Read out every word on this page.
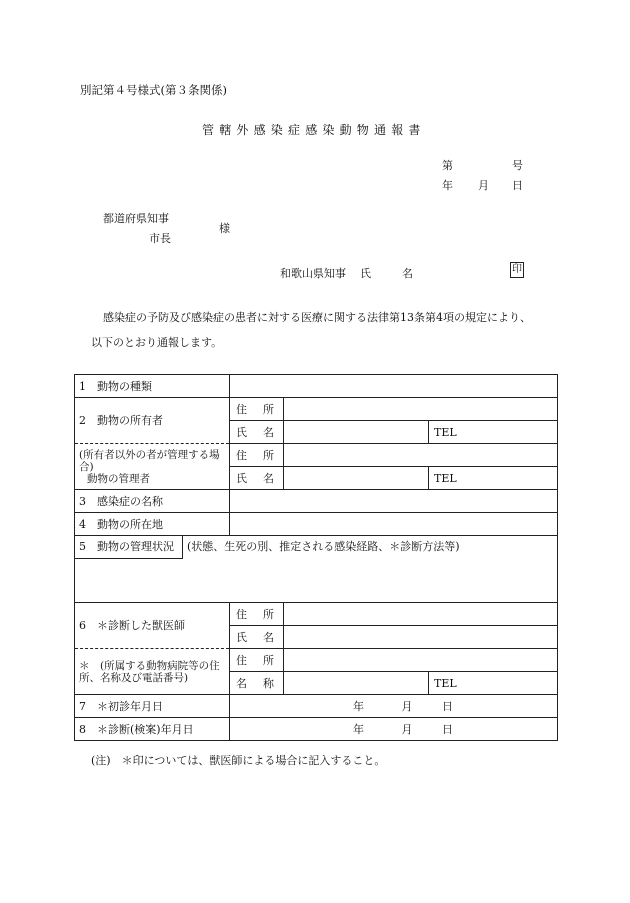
別記第４号様式(第３条関係)
管轄外感染症感染動物通報書
第	号
年 月 日
都道府県知事
市長
様
和歌山県知事 氏　名	印
感染症の予防及び感染症の患者に対する医療に関する法律第13条第4項の規定により、
以下のとおり通報します。
1　動物の種類			
2　動物の所有者	住所		
	氏名		TEL

(所有者以外の者が管理する場合)
動物の管理者	住所		
	氏名		TEL
3　感染症の名称			
4　動物の所在地			
5　動物の管理状況 (状態、生死の別、推定される感染経路、＊診断方法等)			
6　＊診断した獣医師	住所		
	氏名		
＊　(所属する動物病院等の住所、名称及び電話番号)	住所		
	名称		TEL
7　＊初診年月日	年 月 日		
8　＊診断(検案)年月日	年 月 日		
(注)　＊印については、獣医師による場合に記入すること。
